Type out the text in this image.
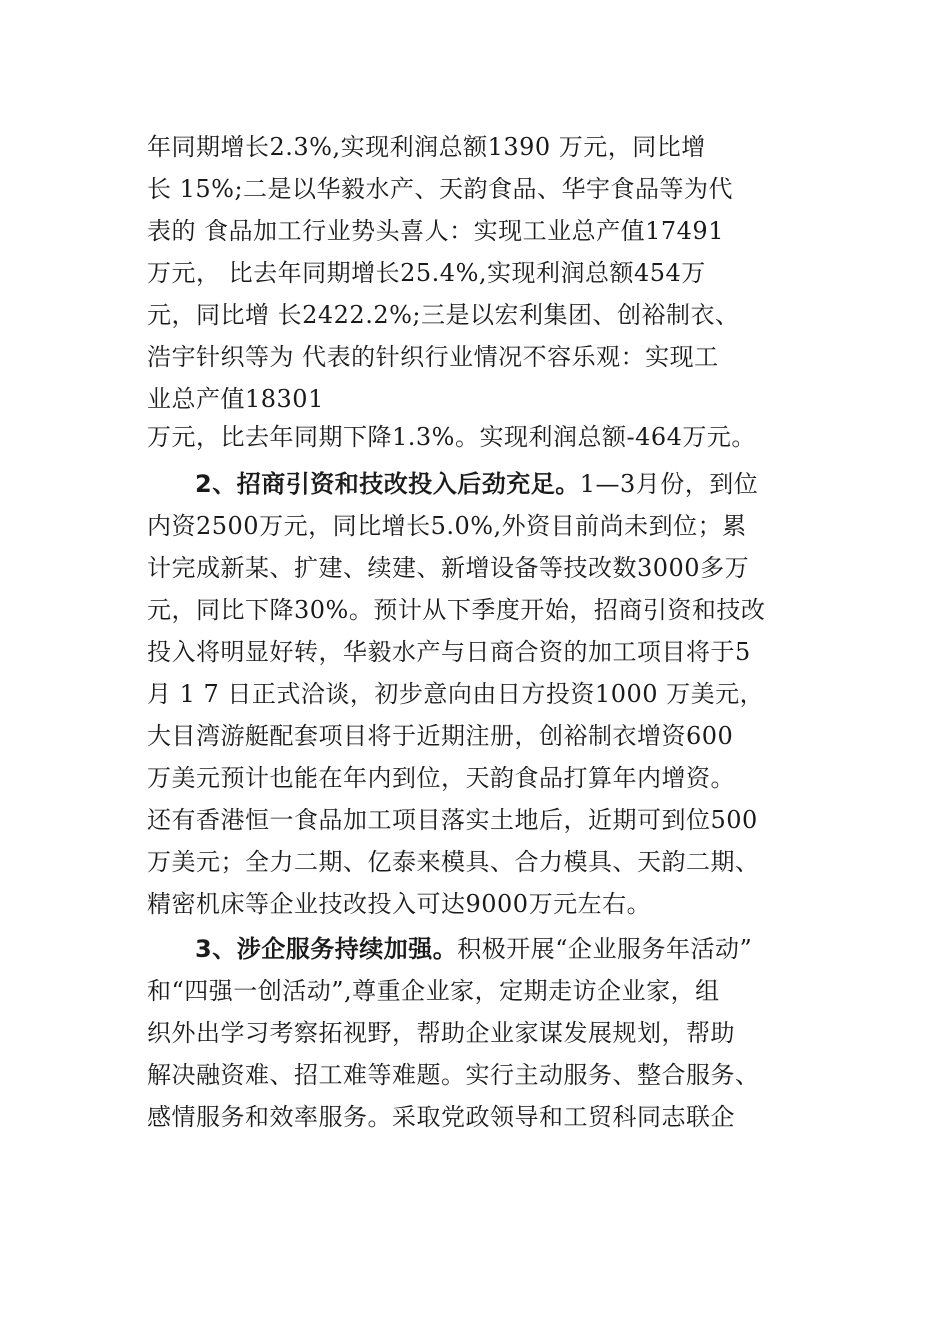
年同期增长2.3%,实现利润总额1390 万元，同比增
长 15%;二是以华毅水产、天韵食品、华宇食品等为代
表的 食品加工行业势头喜人：实现工业总产值17491
万元， 比去年同期增长25.4%,实现利润总额454万
元，同比增 长2422.2%;三是以宏利集团、创裕制衣、
浩宇针织等为 代表的针织行业情况不容乐观：实现工
业总产值18301
万元，比去年同期下降1.3%。实现利润总额-464万元。
2、招商引资和技改投入后劲充足。1—3月份，到位
内资2500万元，同比增长5.0%,外资目前尚未到位；累
计完成新某、扩建、续建、新增设备等技改数3000多万
元，同比下降30%。预计从下季度开始，招商引资和技改
投入将明显好转，华毅水产与日商合资的加工项目将于5
月 1 7 日正式洽谈，初步意向由日方投资1000 万美元，
大目湾游艇配套项目将于近期注册，创裕制衣增资600
万美元预计也能在年内到位，天韵食品打算年内增资。
还有香港恒一食品加工项目落实土地后，近期可到位500
万美元；全力二期、亿泰来模具、合力模具、天韵二期、
精密机床等企业技改投入可达9000万元左右。
3、涉企服务持续加强。积极开展“企业服务年活动”
和“四强一创活动”,尊重企业家，定期走访企业家，组
织外出学习考察拓视野，帮助企业家谋发展规划，帮助
解决融资难、招工难等难题。实行主动服务、整合服务、
感情服务和效率服务。采取党政领导和工贸科同志联企
